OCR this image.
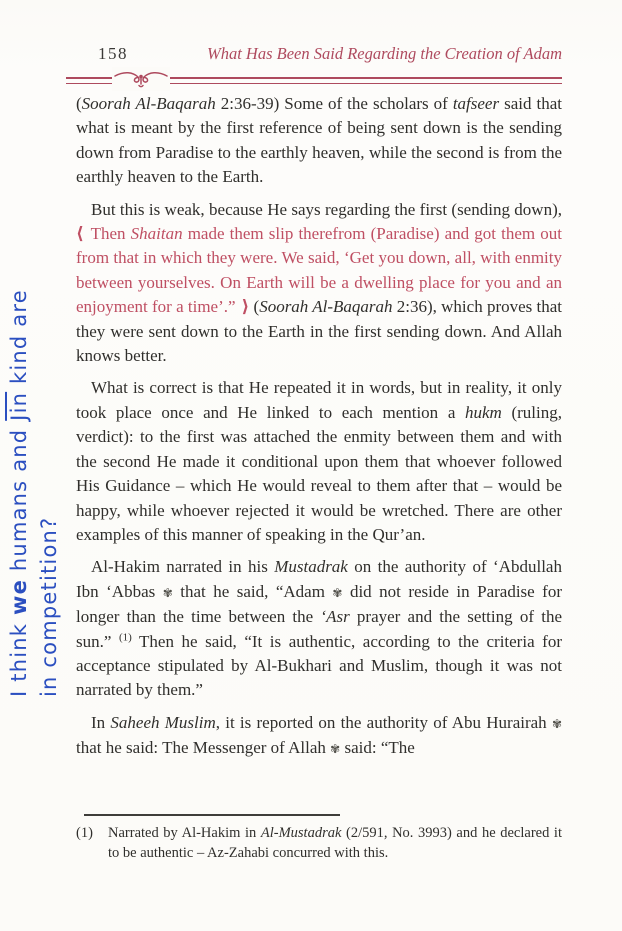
158	What Has Been Said Regarding the Creation of Adam

(Soorah Al-Baqarah 2:36-39) Some of the scholars of tafseer said that what is meant by the first reference of being sent down is the sending down from Paradise to the earthly heaven, while the second is from the earthly heaven to the Earth.

But this is weak, because He says regarding the first (sending down), ⟨ Then Shaitan made them slip therefrom (Paradise) and got them out from that in which they were. We said, ‘Get you down, all, with enmity between yourselves. On Earth will be a dwelling place for you and an enjoyment for a time’.” ⟩ (Soorah Al-Baqarah 2:36), which proves that they were sent down to the Earth in the first sending down. And Allah knows better.

What is correct is that He repeated it in words, but in reality, it only took place once and He linked to each mention a hukm (ruling, verdict): to the first was attached the enmity between them and with the second He made it conditional upon them that whoever followed His Guidance – which He would reveal to them after that – would be happy, while whoever rejected it would be wretched. There are other examples of this manner of speaking in the Qur’an.

Al-Hakim narrated in his Mustadrak on the authority of ‘Abdullah Ibn ‘Abbas ✾ that he said, “Adam ✾ did not reside in Paradise for longer than the time between the ‘Asr prayer and the setting of the sun.” $^{(1)}$ Then he said, “It is authentic, according to the criteria for acceptance stipulated by Al-Bukhari and Muslim, though it was not narrated by them.”

In Saheeh Muslim, it is reported on the authority of Abu Hurairah ✾ that he said: The Messenger of Allah ✾ said: “The

I think we humans and $\overline{Jin}$ kind are
in competition?
(1)	Narrated by Al-Hakim in Al-Mustadrak (2/591, No. 3993) and he declared it to be authentic – Az-Zahabi concurred with this.
